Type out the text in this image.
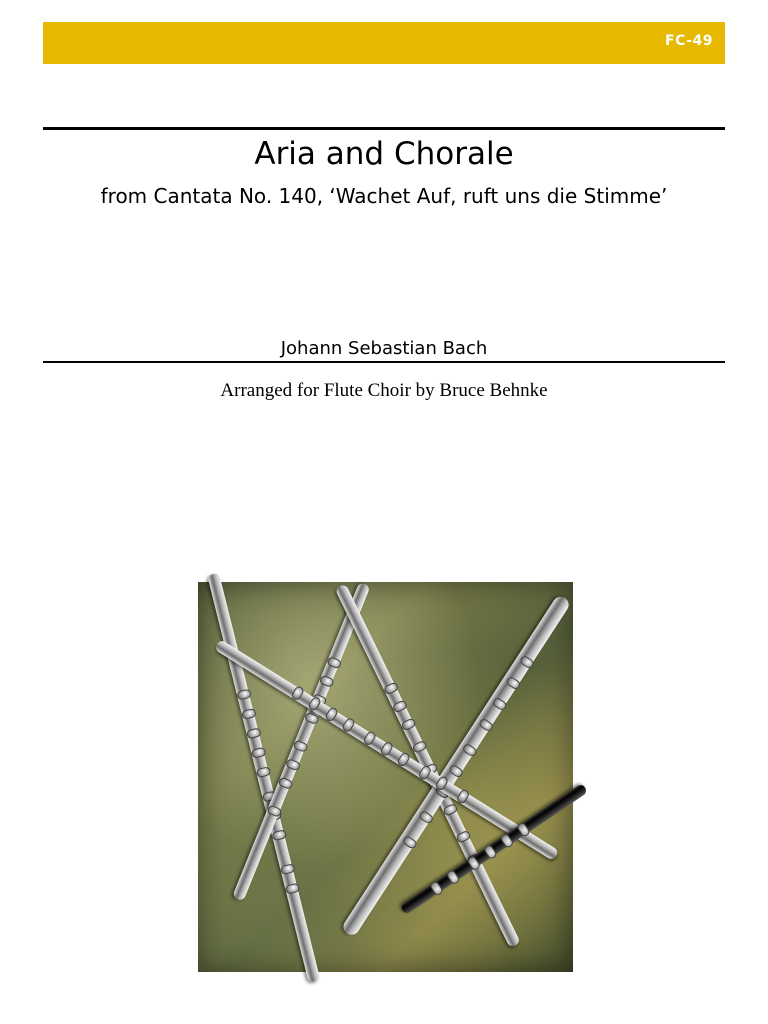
FC-49
Aria and Chorale
from Cantata No. 140, ‘Wachet Auf, ruft uns die Stimme’
Johann Sebastian Bach
Arranged for Flute Choir by Bruce Behnke
